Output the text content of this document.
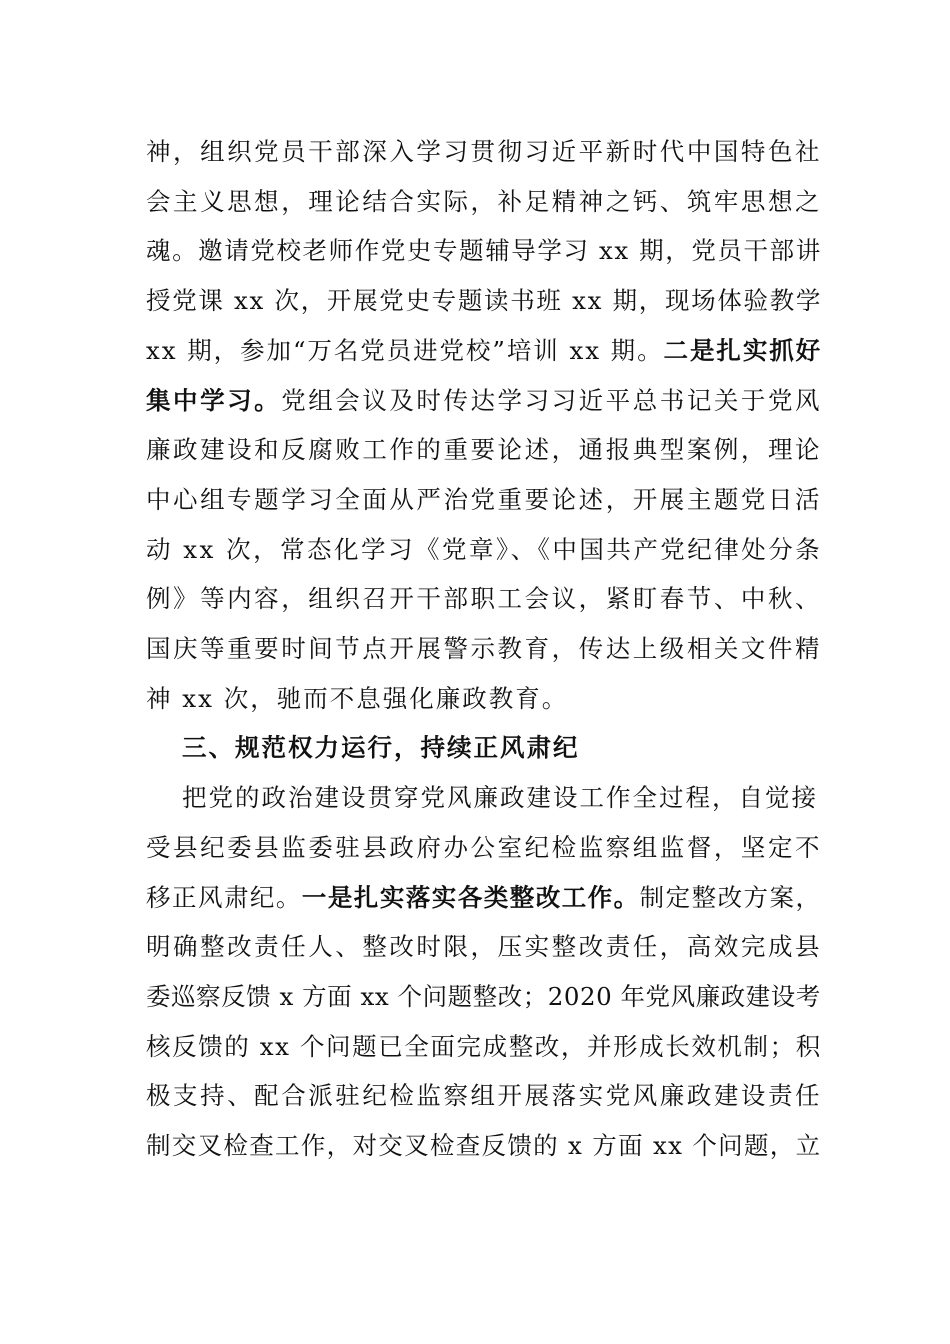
神，组织党员干部深入学习贯彻习近平新时代中国特色社
会主义思想，理论结合实际，补足精神之钙、筑牢思想之
魂。邀请党校老师作党史专题辅导学习 xx 期，党员干部讲
授党课 xx 次，开展党史专题读书班 xx 期，现场体验教学
xx 期，参加“万名党员进党校”培训 xx 期。二是扎实抓好
集中学习。党组会议及时传达学习习近平总书记关于党风
廉政建设和反腐败工作的重要论述，通报典型案例，理论
中心组专题学习全面从严治党重要论述，开展主题党日活
动 xx 次，常态化学习《党章》、《中国共产党纪律处分条
例》等内容，组织召开干部职工会议，紧盯春节、中秋、
国庆等重要时间节点开展警示教育，传达上级相关文件精
神 xx 次，驰而不息强化廉政教育。
三、规范权力运行，持续正风肃纪
把党的政治建设贯穿党风廉政建设工作全过程，自觉接
受县纪委县监委驻县政府办公室纪检监察组监督，坚定不
移正风肃纪。一是扎实落实各类整改工作。制定整改方案，
明确整改责任人、整改时限，压实整改责任，高效完成县
委巡察反馈 x 方面 xx 个问题整改；2020 年党风廉政建设考
核反馈的 xx 个问题已全面完成整改，并形成长效机制；积
极支持、配合派驻纪检监察组开展落实党风廉政建设责任
制交叉检查工作，对交叉检查反馈的 x 方面 xx 个问题，立
